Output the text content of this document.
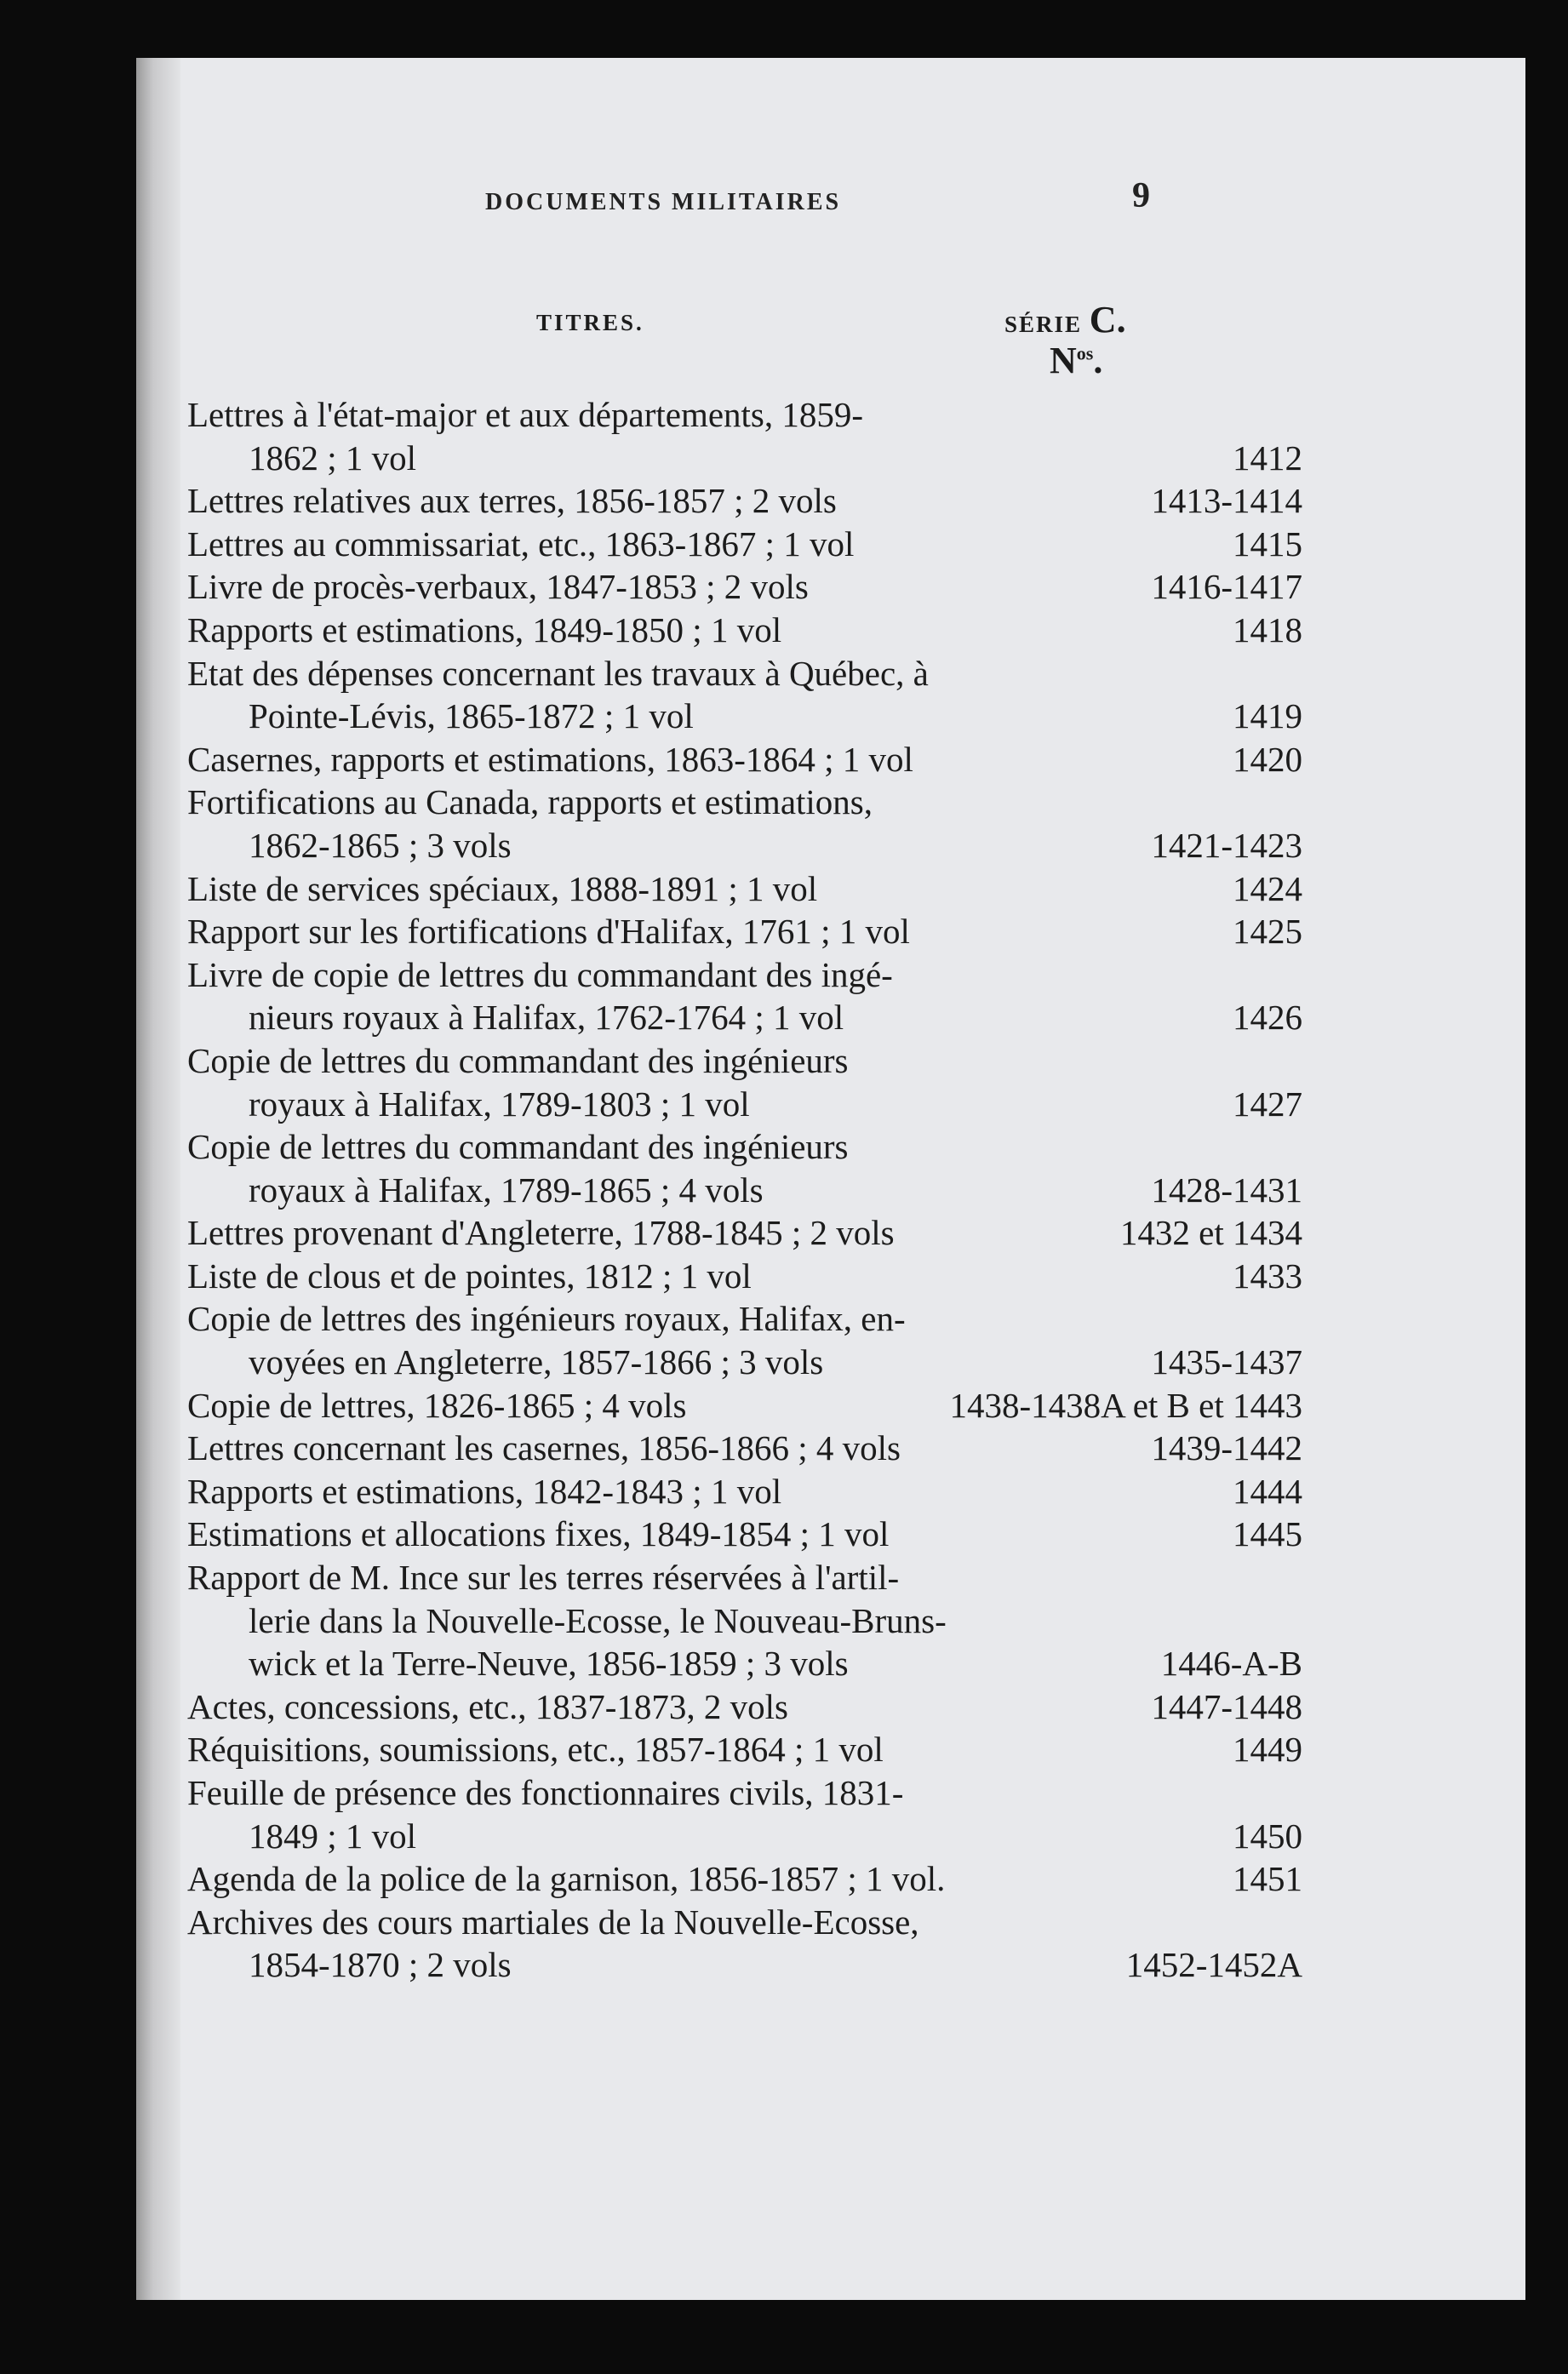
DOCUMENTS MILITAIRES	9
TITRES.	SÉRIE C.
$N^{os}$.
Lettres à l'état-major et aux départements, 1859-
1862 ; 1 vol	1412
Lettres relatives aux terres, 1856-1857 ; 2 vols	1413-1414
Lettres au commissariat, etc., 1863-1867 ; 1 vol	1415
Livre de procès-verbaux, 1847-1853 ; 2 vols	1416-1417
Rapports et estimations, 1849-1850 ; 1 vol	1418
Etat des dépenses concernant les travaux à Québec, à
Pointe-Lévis, 1865-1872 ; 1 vol	1419
Casernes, rapports et estimations, 1863-1864 ; 1 vol	1420
Fortifications au Canada, rapports et estimations,
1862-1865 ; 3 vols	1421-1423
Liste de services spéciaux, 1888-1891 ; 1 vol	1424
Rapport sur les fortifications d'Halifax, 1761 ; 1 vol	1425
Livre de copie de lettres du commandant des ingé-
nieurs royaux à Halifax, 1762-1764 ; 1 vol	1426
Copie de lettres du commandant des ingénieurs
royaux à Halifax, 1789-1803 ; 1 vol	1427
Copie de lettres du commandant des ingénieurs
royaux à Halifax, 1789-1865 ; 4 vols	1428-1431
Lettres provenant d'Angleterre, 1788-1845 ; 2 vols	1432 et 1434
Liste de clous et de pointes, 1812 ; 1 vol	1433
Copie de lettres des ingénieurs royaux, Halifax, en-
voyées en Angleterre, 1857-1866 ; 3 vols	1435-1437
Copie de lettres, 1826-1865 ; 4 vols	1438-1438A et B et 1443
Lettres concernant les casernes, 1856-1866 ; 4 vols	1439-1442
Rapports et estimations, 1842-1843 ; 1 vol	1444
Estimations et allocations fixes, 1849-1854 ; 1 vol	1445
Rapport de M. Ince sur les terres réservées à l'artil-
lerie dans la Nouvelle-Ecosse, le Nouveau-Bruns-
wick et la Terre-Neuve, 1856-1859 ; 3 vols	1446-A-B
Actes, concessions, etc., 1837-1873, 2 vols	1447-1448
Réquisitions, soumissions, etc., 1857-1864 ; 1 vol	1449
Feuille de présence des fonctionnaires civils, 1831-
1849 ; 1 vol	1450
Agenda de la police de la garnison, 1856-1857 ; 1 vol.	1451
Archives des cours martiales de la Nouvelle-Ecosse,
1854-1870 ; 2 vols	1452-1452A
